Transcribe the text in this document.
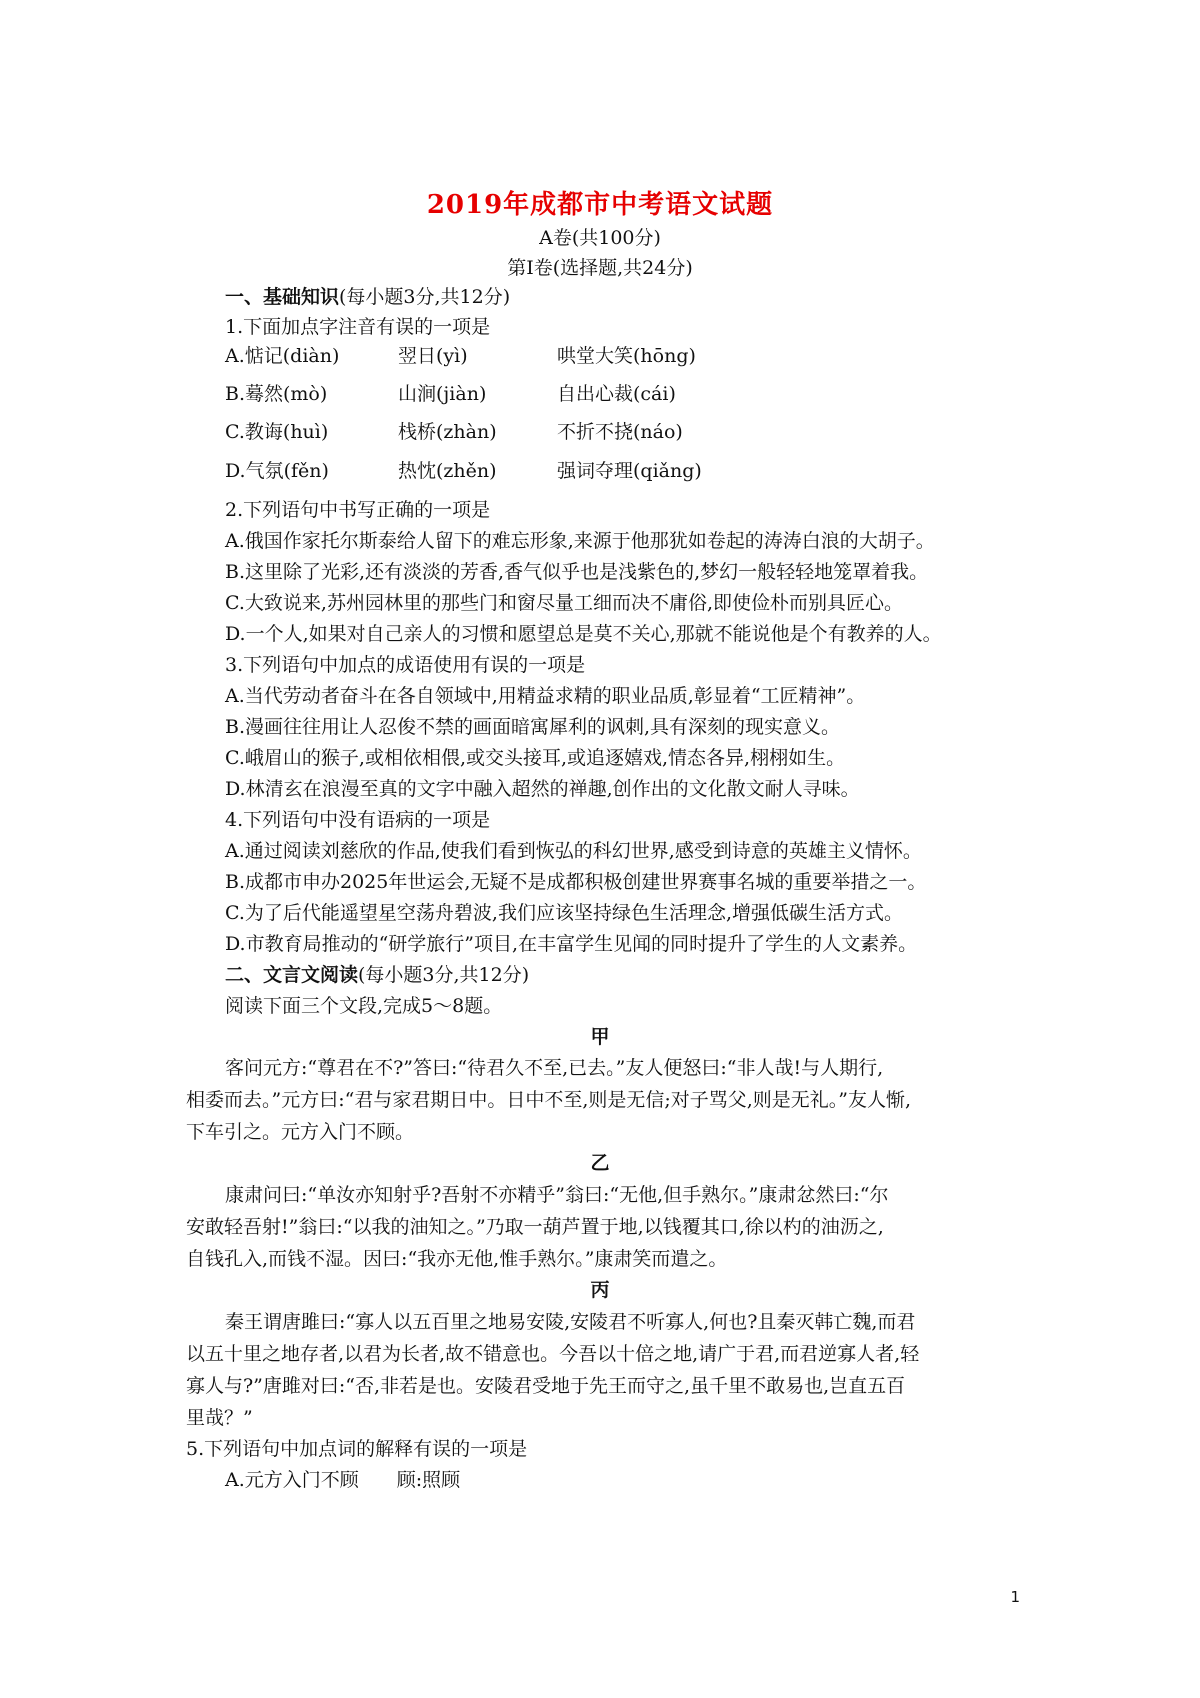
2019年成都市中考语文试题
A卷(共100分)
第Ⅰ卷(选择题,共24分)
一、基础知识(每小题3分,共12分)
1.下面加点字注音有误的一项是
A.惦记(diàn)	翌日(yì)	哄堂大笑(hōng)
B.蓦然(mò)	山涧(jiàn)	自出心裁(cái)
C.教诲(huì)	栈桥(zhàn)	不折不挠(náo)
D.气氛(fěn)	热忱(zhěn)	强词夺理(qiǎng)
2.下列语句中书写正确的一项是
A.俄国作家托尔斯泰给人留下的难忘形象,来源于他那犹如卷起的涛涛白浪的大胡子。
B.这里除了光彩,还有淡淡的芳香,香气似乎也是浅紫色的,梦幻一般轻轻地笼罩着我。
C.大致说来,苏州园林里的那些门和窗尽量工细而决不庸俗,即使俭朴而别具匠心。
D.一个人,如果对自己亲人的习惯和愿望总是莫不关心,那就不能说他是个有教养的人。
3.下列语句中加点的成语使用有误的一项是
A.当代劳动者奋斗在各自领域中,用精益求精的职业品质,彰显着“工匠精神”。
B.漫画往往用让人忍俊不禁的画面暗寓犀利的讽刺,具有深刻的现实意义。
C.峨眉山的猴子,或相依相偎,或交头接耳,或追逐嬉戏,情态各异,栩栩如生。
D.林清玄在浪漫至真的文字中融入超然的禅趣,创作出的文化散文耐人寻味。
4.下列语句中没有语病的一项是
A.通过阅读刘慈欣的作品,使我们看到恢弘的科幻世界,感受到诗意的英雄主义情怀。
B.成都市申办2025年世运会,无疑不是成都积极创建世界赛事名城的重要举措之一。
C.为了后代能遥望星空荡舟碧波,我们应该坚持绿色生活理念,增强低碳生活方式。
D.市教育局推动的“研学旅行”项目,在丰富学生见闻的同时提升了学生的人文素养。
二、文言文阅读(每小题3分,共12分)
阅读下面三个文段,完成5～8题。
甲
客问元方:“尊君在不?”答曰:“待君久不至,已去。”友人便怒曰:“非人哉!与人期行,
相委而去。”元方曰:“君与家君期日中。日中不至,则是无信;对子骂父,则是无礼。”友人惭,
下车引之。元方入门不顾。
乙
康肃问曰:“单汝亦知射乎?吾射不亦精乎”翁曰:“无他,但手熟尔。”康肃忿然曰:“尔
安敢轻吾射!”翁曰:“以我的油知之。”乃取一葫芦置于地,以钱覆其口,徐以杓的油沥之,
自钱孔入,而钱不湿。因曰:“我亦无他,惟手熟尔。”康肃笑而遣之。
丙
秦王谓唐雎曰:“寡人以五百里之地易安陵,安陵君不听寡人,何也?且秦灭韩亡魏,而君
以五十里之地存者,以君为长者,故不错意也。今吾以十倍之地,请广于君,而君逆寡人者,轻
寡人与?”唐雎对曰:“否,非若是也。安陵君受地于先王而守之,虽千里不敢易也,岂直五百
里哉？”
5.下列语句中加点词的解释有误的一项是
A.元方入门不顾　　顾:照顾
1
